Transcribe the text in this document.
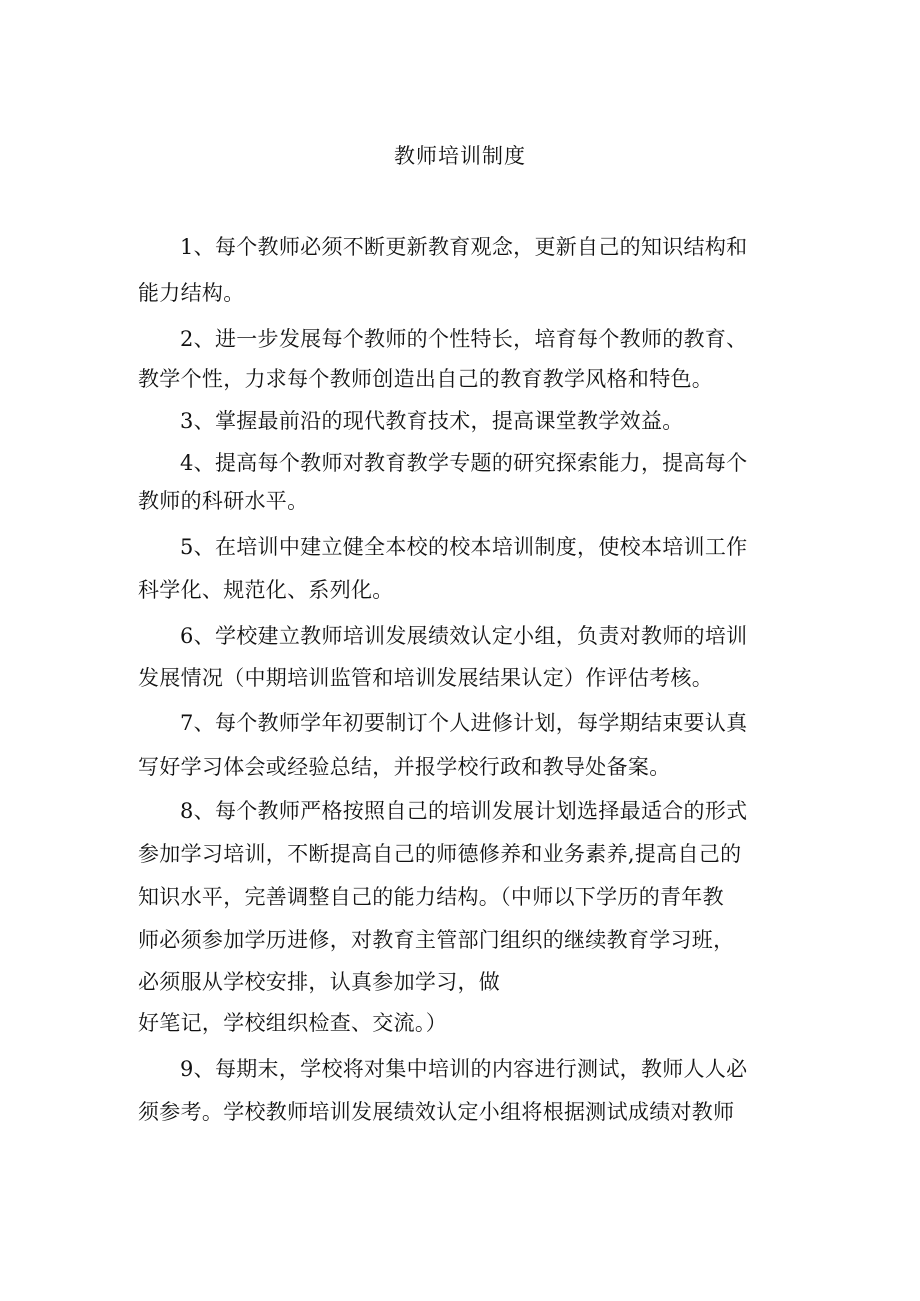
教师培训制度
1、每个教师必须不断更新教育观念，更新自己的知识结构和
能力结构。
2、进一步发展每个教师的个性特长，培育每个教师的教育、
教学个性，力求每个教师创造出自己的教育教学风格和特色。
3、掌握最前沿的现代教育技术，提高课堂教学效益。
4、提高每个教师对教育教学专题的研究探索能力，提高每个
教师的科研水平。
5、在培训中建立健全本校的校本培训制度，使校本培训工作
科学化、规范化、系列化。
6、学校建立教师培训发展绩效认定小组，负责对教师的培训
发展情况（中期培训监管和培训发展结果认定）作评估考核。
7、每个教师学年初要制订个人进修计划，每学期结束要认真
写好学习体会或经验总结，并报学校行政和教导处备案。
8、每个教师严格按照自己的培训发展计划选择最适合的形式
参加学习培训，不断提高自己的师德修养和业务素养,提高自己的
知识水平，完善调整自己的能力结构。（中师以下学历的青年教
师必须参加学历进修，对教育主管部门组织的继续教育学习班，
必须服从学校安排，认真参加学习，做
好笔记，学校组织检查、交流。）
9、每期末，学校将对集中培训的内容进行测试，教师人人必
须参考。学校教师培训发展绩效认定小组将根据测试成绩对教师
